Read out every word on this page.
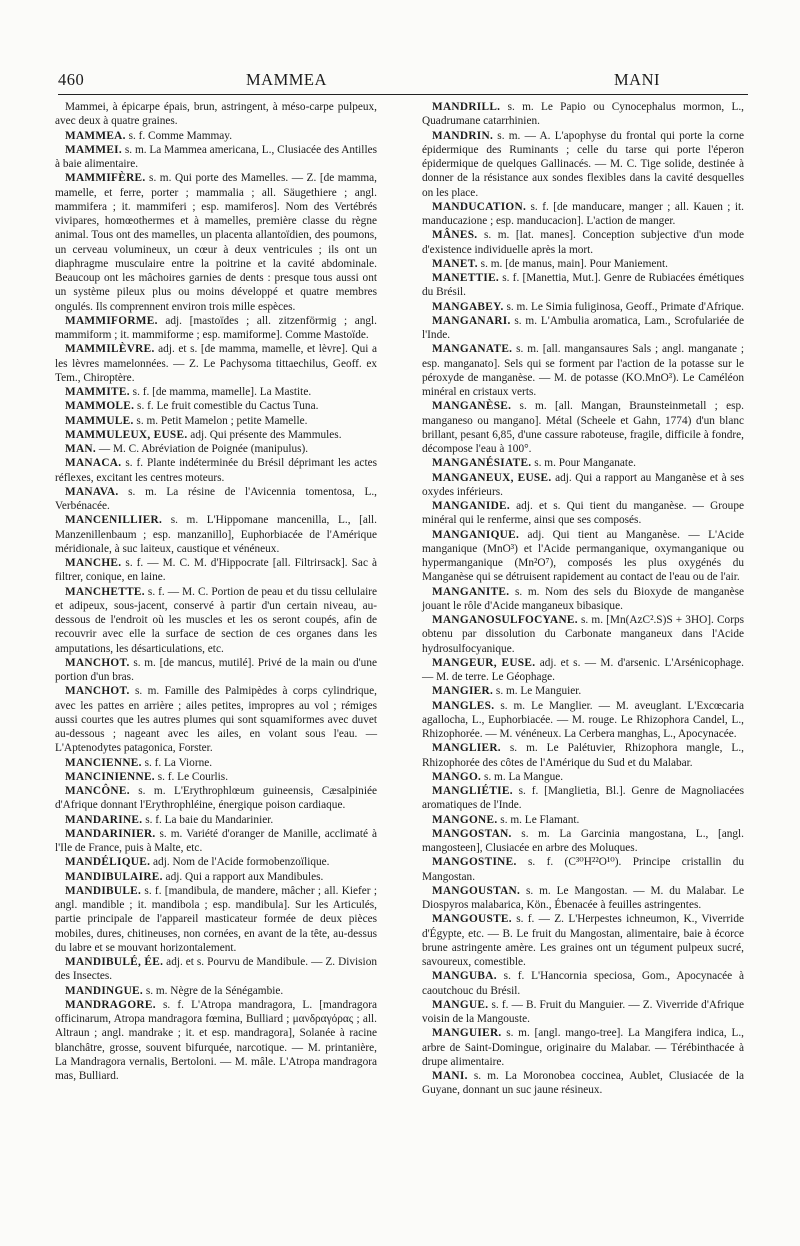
460	MAMMEA	MANI

Mammei, à épicarpe épais, brun, astringent, à méso-carpe pulpeux, avec deux à quatre graines.

MAMMEA. s. f. Comme Mammay.

MAMMEI. s. m. La Mammea americana, L., Clusiacée des Antilles à baie alimentaire.

MAMMIFÈRE. s. m. Qui porte des Mamelles. — Z. [de mamma, mamelle, et ferre, porter ; mammalia ; all. Säugethiere ; angl. mammifera ; it. mammiferi ; esp. mamiferos]. Nom des Vertébrés vivipares, homœothermes et à mamelles, première classe du règne animal. Tous ont des mamelles, un placenta allantoïdien, des poumons, un cerveau volumineux, un cœur à deux ventricules ; ils ont un diaphragme musculaire entre la poitrine et la cavité abdominale. Beaucoup ont les mâchoires garnies de dents : presque tous aussi ont un système pileux plus ou moins développé et quatre membres ongulés. Ils comprennent environ trois mille espèces.

MAMMIFORME. adj. [mastoïdes ; all. zitzenförmig ; angl. mammiform ; it. mammiforme ; esp. mamiforme]. Comme Mastoïde.

MAMMILÈVRE. adj. et s. [de mamma, mamelle, et lèvre]. Qui a les lèvres mamelonnées. — Z. Le Pachysoma tittaechilus, Geoff. ex Tem., Chiroptère.

MAMMITE. s. f. [de mamma, mamelle]. La Mastite.

MAMMOLE. s. f. Le fruit comestible du Cactus Tuna.

MAMMULE. s. m. Petit Mamelon ; petite Mamelle.

MAMMULEUX, EUSE. adj. Qui présente des Mammules.

MAN. — M. C. Abréviation de Poignée (manipulus).

MANACA. s. f. Plante indéterminée du Brésil déprimant les actes réflexes, excitant les centres moteurs.

MANAVA. s. m. La résine de l'Avicennia tomentosa, L., Verbénacée.

MANCENILLIER. s. m. L'Hippomane mancenilla, L., [all. Manzenillenbaum ; esp. manzanillo], Euphorbiacée de l'Amérique méridionale, à suc laiteux, caustique et vénéneux.

MANCHE. s. f. — M. C. M. d'Hippocrate [all. Filtrirsack]. Sac à filtrer, conique, en laine.

MANCHETTE. s. f. — M. C. Portion de peau et du tissu cellulaire et adipeux, sous-jacent, conservé à partir d'un certain niveau, au-dessous de l'endroit où les muscles et les os seront coupés, afin de recouvrir avec elle la surface de section de ces organes dans les amputations, les désarticulations, etc.

MANCHOT. s. m. [de mancus, mutilé]. Privé de la main ou d'une portion d'un bras.

MANCHOT. s. m. Famille des Palmipèdes à corps cylindrique, avec les pattes en arrière ; ailes petites, impropres au vol ; rémiges aussi courtes que les autres plumes qui sont squamiformes avec duvet au-dessous ; nageant avec les ailes, en volant sous l'eau. — L'Aptenodytes patagonica, Forster.

MANCIENNE. s. f. La Viorne.

MANCINIENNE. s. f. Le Courlis.

MANCÔNE. s. m. L'Erythrophlœum guineensis, Cæsalpiniée d'Afrique donnant l'Erythrophléine, énergique poison cardiaque.

MANDARINE. s. f. La baie du Mandarinier.

MANDARINIER. s. m. Variété d'oranger de Manille, acclimaté à l'Ile de France, puis à Malte, etc.

MANDÉLIQUE. adj. Nom de l'Acide formobenzoïlique.

MANDIBULAIRE. adj. Qui a rapport aux Mandibules.

MANDIBULE. s. f. [mandibula, de mandere, mâcher ; all. Kiefer ; angl. mandible ; it. mandibola ; esp. mandibula]. Sur les Articulés, partie principale de l'appareil masticateur formée de deux pièces mobiles, dures, chitineuses, non cornées, en avant de la tête, au-dessus du labre et se mouvant horizontalement.

MANDIBULÉ, ÉE. adj. et s. Pourvu de Mandibule. — Z. Division des Insectes.

MANDINGUE. s. m. Nègre de la Sénégambie.

MANDRAGORE. s. f. L'Atropa mandragora, L. [mandragora officinarum, Atropa mandragora fœmina, Bulliard ; μανδραγόρας ; all. Altraun ; angl. mandrake ; it. et esp. mandragora], Solanée à racine blanchâtre, grosse, souvent bifurquée, narcotique. — M. printanière, La Mandragora vernalis, Bertoloni. — M. mâle. L'Atropa mandragora mas, Bulliard.

MANDRILL. s. m. Le Papio ou Cynocephalus mormon, L., Quadrumane catarrhinien.

MANDRIN. s. m. — A. L'apophyse du frontal qui porte la corne épidermique des Ruminants ; celle du tarse qui porte l'éperon épidermique de quelques Gallinacés. — M. C. Tige solide, destinée à donner de la résistance aux sondes flexibles dans la cavité desquelles on les place.

MANDUCATION. s. f. [de manducare, manger ; all. Kauen ; it. manducazione ; esp. manducacion]. L'action de manger.

MÂNES. s. m. [lat. manes]. Conception subjective d'un mode d'existence individuelle après la mort.

MANET. s. m. [de manus, main]. Pour Maniement.

MANETTIE. s. f. [Manettia, Mut.]. Genre de Rubiacées émétiques du Brésil.

MANGABEY. s. m. Le Simia fuliginosa, Geoff., Primate d'Afrique.

MANGANARI. s. m. L'Ambulia aromatica, Lam., Scrofulariée de l'Inde.

MANGANATE. s. m. [all. mangansaures Sals ; angl. manganate ; esp. manganato]. Sels qui se forment par l'action de la potasse sur le péroxyde de manganèse. — M. de potasse (KO.MnO³). Le Caméléon minéral en cristaux verts.

MANGANÈSE. s. m. [all. Mangan, Braunsteinmetall ; esp. manganeso ou mangano]. Métal (Scheele et Gahn, 1774) d'un blanc brillant, pesant 6,85, d'une cassure raboteuse, fragile, difficile à fondre, décompose l'eau à 100°.

MANGANÉSIATE. s. m. Pour Manganate.

MANGANEUX, EUSE. adj. Qui a rapport au Manganèse et à ses oxydes inférieurs.

MANGANIDE. adj. et s. Qui tient du manganèse. — Groupe minéral qui le renferme, ainsi que ses composés.

MANGANIQUE. adj. Qui tient au Manganèse. — L'Acide manganique (MnO³) et l'Acide permanganique, oxymanganique ou hypermanganique (Mn²O⁷), composés les plus oxygénés du Manganèse qui se détruisent rapidement au contact de l'eau ou de l'air.

MANGANITE. s. m. Nom des sels du Bioxyde de manganèse jouant le rôle d'Acide manganeux bibasique.

MANGANOSULFOCYANE. s. m. [Mn(AzC².S)S + 3HO]. Corps obtenu par dissolution du Carbonate manganeux dans l'Acide hydrosulfocyanique.

MANGEUR, EUSE. adj. et s. — M. d'arsenic. L'Arsénicophage. — M. de terre. Le Géophage.

MANGIER. s. m. Le Manguier.

MANGLES. s. m. Le Manglier. — M. aveuglant. L'Excœcaria agallocha, L., Euphorbiacée. — M. rouge. Le Rhizophora Candel, L., Rhizophorée. — M. vénéneux. La Cerbera manghas, L., Apocynacée.

MANGLIER. s. m. Le Palétuvier, Rhizophora mangle, L., Rhizophorée des côtes de l'Amérique du Sud et du Malabar.

MANGO. s. m. La Mangue.

MANGLIÉTIE. s. f. [Manglietia, Bl.]. Genre de Magnoliacées aromatiques de l'Inde.

MANGONE. s. m. Le Flamant.

MANGOSTAN. s. m. La Garcinia mangostana, L., [angl. mangosteen], Clusiacée en arbre des Moluques.

MANGOSTINE. s. f. (C³⁰H²²O¹⁰). Principe cristallin du Mangostan.

MANGOUSTAN. s. m. Le Mangostan. — M. du Malabar. Le Diospyros malabarica, Kön., Ébenacée à feuilles astringentes.

MANGOUSTE. s. f. — Z. L'Herpestes ichneumon, K., Viverride d'Égypte, etc. — B. Le fruit du Mangostan, alimentaire, baie à écorce brune astringente amère. Les graines ont un tégument pulpeux sucré, savoureux, comestible.

MANGUBA. s. f. L'Hancornia speciosa, Gom., Apocynacée à caoutchouc du Brésil.

MANGUE. s. f. — B. Fruit du Manguier. — Z. Viverride d'Afrique voisin de la Mangouste.

MANGUIER. s. m. [angl. mango-tree]. La Mangifera indica, L., arbre de Saint-Domingue, originaire du Malabar. — Térébinthacée à drupe alimentaire.

MANI. s. m. La Moronobea coccinea, Aublet, Clusiacée de la Guyane, donnant un suc jaune résineux.
